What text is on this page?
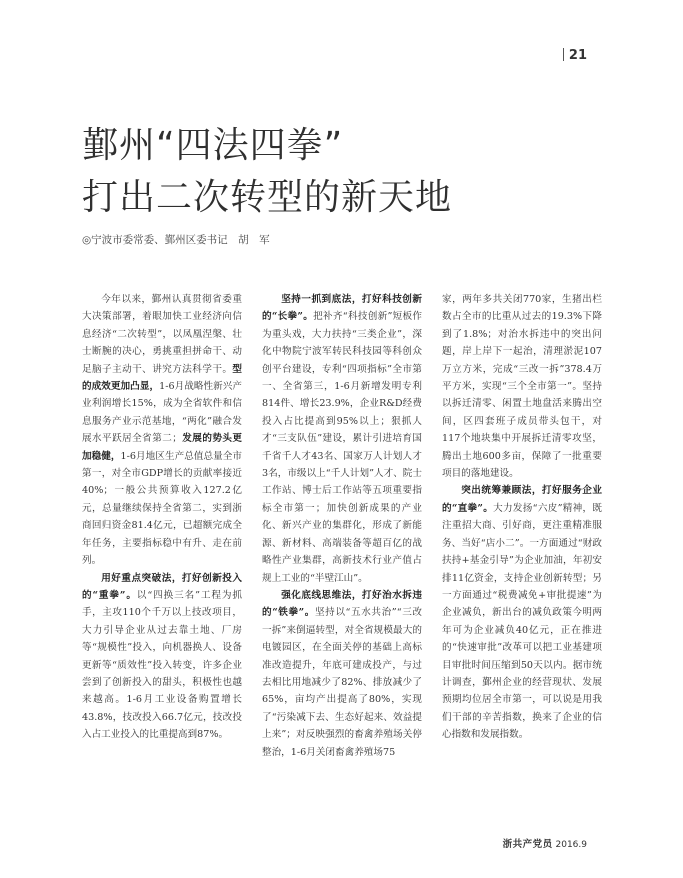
21
鄞州“四法四拳”
打出二次转型的新天地
◎宁波市委常委、鄞州区委书记　胡　军

今年以来，鄞州认真贯彻省委重大决策部署，着眼加快工业经济向信息经济“二次转型”，以凤凰涅槃、壮士断腕的决心，勇挑重担拼命干、动足脑子主动干、讲究方法科学干。型的成效更加凸显，1-6月战略性新兴产业利润增长15%，成为全省软件和信息服务产业示范基地，“两化”融合发展水平跃居全省第二；发展的势头更加稳健，1-6月地区生产总值总量全市第一，对全市GDP增长的贡献率接近40%；一般公共预算收入127.2亿元，总量继续保持全省第二，实到浙商回归资金81.4亿元，已超额完成全年任务，主要指标稳中有升、走在前列。

用好重点突破法，打好创新投入的“重拳”。以“四换三名”工程为抓手，主攻110个千万以上技改项目，大力引导企业从过去靠土地、厂房等“规模性”投入，向机器换人、设备更新等“质效性”投入转变，许多企业尝到了创新投入的甜头，积极性也越来越高。1-6月工业设备购置增长43.8%，技改投入66.7亿元，技改投入占工业投入的比重提高到87%。

坚持一抓到底法，打好科技创新的“长拳”。把补齐“科技创新”短板作为重头戏，大力扶持“三类企业”，深化中物院宁波军转民科技园等科创众创平台建设，专利“四项指标”全市第一、全省第三，1-6月新增发明专利814件、增长23.9%，企业R&D经费投入占比提高到95%以上；狠抓人才“三支队伍”建设，累计引进培育国千省千人才43名、国家万人计划人才3名，市级以上“千人计划”人才、院士工作站、博士后工作站等五项重要指标全市第一；加快创新成果的产业化、新兴产业的集群化，形成了新能源、新材料、高端装备等超百亿的战略性产业集群，高新技术行业产值占规上工业的“半壁江山”。

强化底线思维法，打好治水拆违的“铁拳”。坚持以“五水共治”“三改一拆”来倒逼转型，对全省规模最大的电镀园区，在全面关停的基础上高标准改造提升，年底可建成投产，与过去相比用地减少了82%、排放减少了65%，亩均产出提高了80%，实现了“污染减下去、生态好起来、效益提上来”；对反映强烈的畜禽养殖场关停整治，1-6月关闭畜禽养殖场75

家，两年多共关闭770家，生猪出栏数占全市的比重从过去的19.3%下降到了1.8%；对治水拆违中的突出问题，岸上岸下一起治，清理淤泥107万立方米，完成“三改一拆”378.4万平方米，实现“三个全市第一”。坚持以拆迁清零、闲置土地盘活来腾出空间，区四套班子成员带头包干，对117个地块集中开展拆迁清零攻坚，腾出土地600多亩，保障了一批重要项目的落地建设。

突出统筹兼顾法，打好服务企业的“直拳”。大力发扬“六皮”精神，既注重招大商、引好商，更注重精准服务、当好“店小二”。一方面通过“财政扶持+基金引导”为企业加油，年初安排11亿资金，支持企业创新转型；另一方面通过“税费减免+审批提速”为企业减负，新出台的减负政策今明两年可为企业减负40亿元，正在推进的“快速审批”改革可以把工业基建项目审批时间压缩到50天以内。据市统计调查，鄞州企业的经营现状、发展预期均位居全市第一，可以说是用我们干部的辛苦指数，换来了企业的信心指数和发展指数。

浙共产党员 2016.9
